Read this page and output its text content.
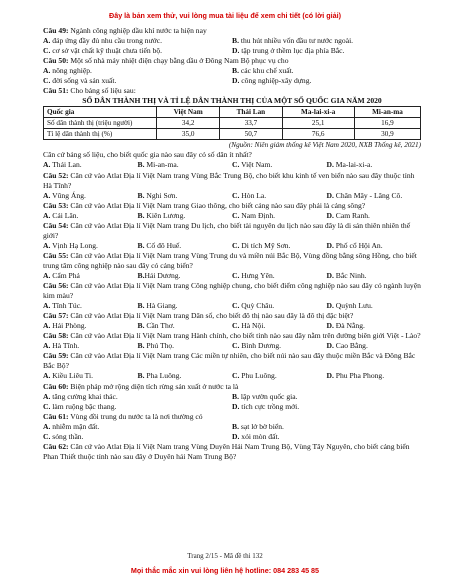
Đây là bản xem thử, vui lòng mua tài liệu để xem chi tiết (có lời giải)

Câu 49: Ngành công nghiệp dầu khí nước ta hiện nay

A. đáp ứng đầy đủ nhu cầu trong nước.	B. thu hút nhiều vốn đầu tư nước ngoài.
C. cơ sở vật chất kỹ thuật chưa tiến bộ.	D. tập trung ở thềm lục địa phía Bắc.

Câu 50: Một số nhà máy nhiệt điện chạy bằng dầu ở Đông Nam Bộ phục vụ cho

A. nông nghiệp.	B. các khu chế xuất.
C. đời sống và sản xuất.	D. công nghiệp-xây dựng.

Câu 51: Cho bảng số liệu sau:

SỐ DÂN THÀNH THỊ VÀ TỈ LỆ DÂN THÀNH THỊ CỦA MỘT SỐ QUỐC GIA NĂM 2020

Quốc gia	Việt Nam	Thái Lan	Ma-lai-xi-a	Mi-an-ma
Số dân thành thị (triệu người)	34,2	33,7	25,1	16,9
Tỉ lệ dân thành thị (%)	35,0	50,7	76,6	30,9

(Nguồn: Niên giám thống kê Việt Nam 2020, NXB Thống kê, 2021)

Căn cứ bảng số liệu, cho biết quốc gia nào sau đây có số dân ít nhất?

A. Thái Lan.	B. Mi-an-ma.	C. Việt Nam.	D. Ma-lai-xi-a.

Câu 52: Căn cứ vào Atlat Địa lí Việt Nam trang Vùng Bắc Trung Bộ, cho biết khu kinh tế ven biển nào sau đây thuộc tỉnh Hà Tĩnh?

A. Vũng Áng.	B. Nghi Sơn.	C. Hòn La.	D. Chân Mây - Lăng Cô.

Câu 53: Căn cứ vào Atlat Địa lí Việt Nam trang Giao thông, cho biết cảng nào sau đây phải là cảng sông?

A. Cái Lân.	B. Kiên Lương.	C. Nam Định.	D. Cam Ranh.

Câu 54: Căn cứ vào Atlat Địa lí Việt Nam trang Du lịch, cho biết tài nguyên du lịch nào sau đây là di sản thiên nhiên thế giới?

A. Vịnh Hạ Long.	B. Cố đô Huế.	C. Di tích Mỹ Sơn.	D. Phố cổ Hội An.

Câu 55: Căn cứ vào Atlat Địa lí Việt Nam trang Vùng Trung du và miền núi Bắc Bộ, Vùng đồng bằng sông Hồng, cho biết trung tâm công nghiệp nào sau đây có cảng biển?

A. Cẩm Phả	B.Hải Dương.	C. Hưng Yên.	D. Bắc Ninh.

Câu 56: Căn cứ vào Atlat Địa lí Việt Nam trang Công nghiệp chung, cho biết điểm công nghiệp nào sau đây có ngành luyện kim màu?

A. Tĩnh Túc.	B. Hà Giang.	C. Quỳ Châu.	D. Quỳnh Lưu.

Câu 57: Căn cứ vào Atlat Địa lí Việt Nam trang Dân số, cho biết đô thị nào sau đây là đô thị đặc biệt?

A. Hải Phòng.	B. Cần Thơ.	C. Hà Nội.	D. Đà Nẵng.

Câu 58: Căn cứ vào Atlat Địa lí Việt Nam trang Hành chính, cho biết tỉnh nào sau đây nằm trên đường biên giới Việt - Lào?

A. Hà Tĩnh.	B. Phú Thọ.	C. Bình Dương.	D. Cao Bằng.

Câu 59: Căn cứ vào Atlat Địa lí Việt Nam trang Các miền tự nhiên, cho biết núi nào sau đây thuộc miền Bắc và Đông Bắc Bắc Bộ?

A. Kiều Liêu Ti.	B. Pha Luông.	C. Phu Luông.	D. Phu Pha Phong.

Câu 60: Biện pháp mở rộng diện tích rừng sản xuất ở nước ta là

A. tăng cường khai thác.	B. lập vườn quốc gia.
C. làm ruộng bậc thang.	D. tích cực trồng mới.

Câu 61: Vùng đồi trung du nước ta là nơi thường có

A. nhiễm mặn đất.	B. sạt lở bờ biển.
C. sóng thần.	D. xói mòn đất.

Câu 62: Căn cứ vào Atlat Địa lí Việt Nam trang Vùng Duyên Hải Nam Trung Bộ, Vùng Tây Nguyên, cho biết cảng biển Phan Thiết thuộc tỉnh nào sau đây ở Duyên hải Nam Trung Bộ?

Trang 2/15 - Mã đề thi 132
Mọi thắc mắc xin vui lòng liên hệ hotline: 084 283 45 85
